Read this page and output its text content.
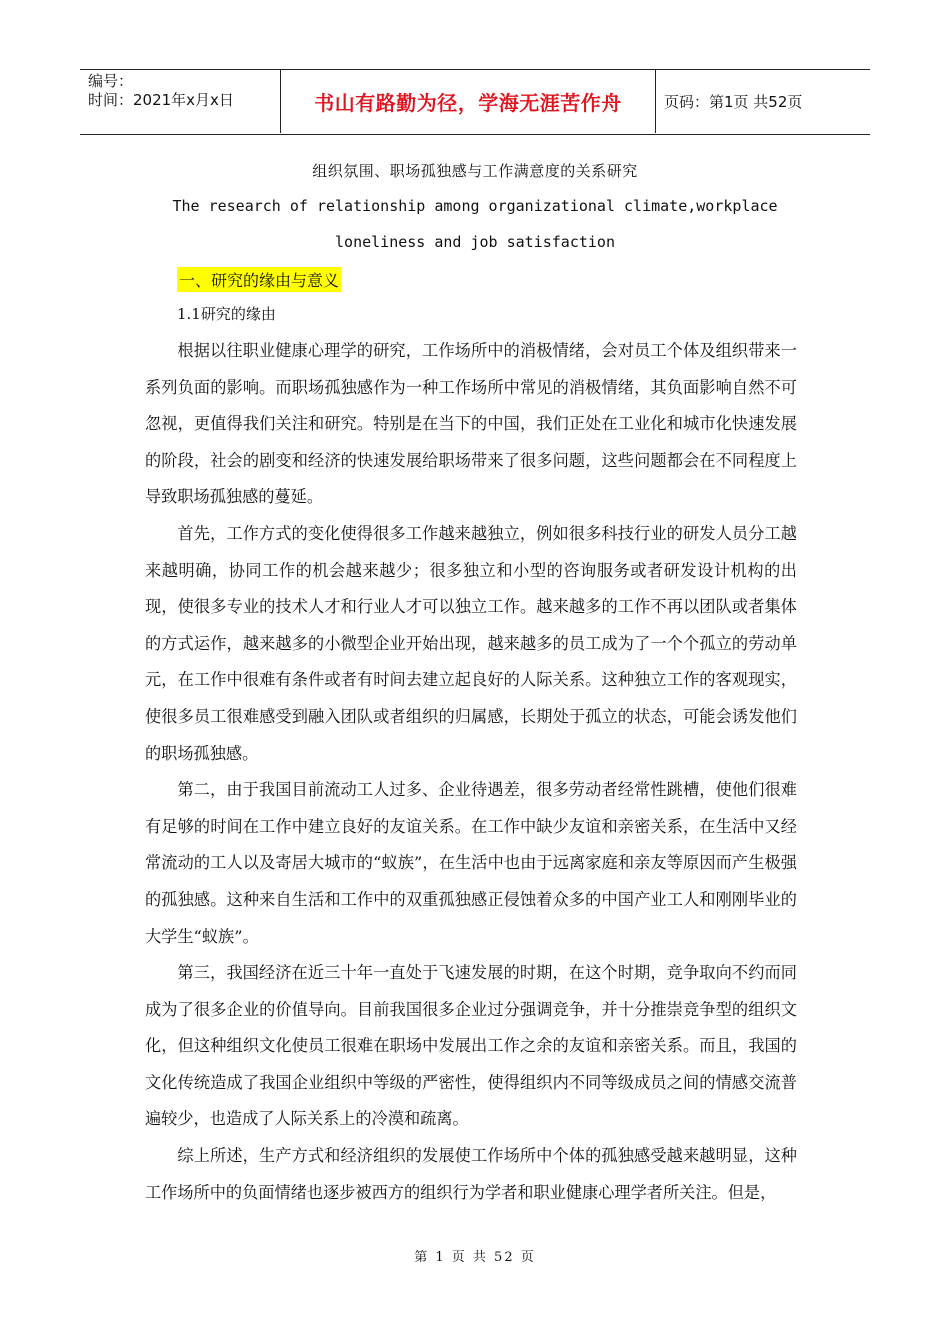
编号：
时间：2021年x月x日	书山有路勤为径，学海无涯苦作舟	页码：第1页 共52页
组织氛围、职场孤独感与工作满意度的关系研究
The research of relationship among organizational climate,workplace
loneliness and job satisfaction
一、研究的缘由与意义
1.1研究的缘由

根据以往职业健康心理学的研究，工作场所中的消极情绪，会对员工个体及组织带来一系列负面的影响。而职场孤独感作为一种工作场所中常见的消极情绪，其负面影响自然不可忽视，更值得我们关注和研究。特别是在当下的中国，我们正处在工业化和城市化快速发展的阶段，社会的剧变和经济的快速发展给职场带来了很多问题，这些问题都会在不同程度上导致职场孤独感的蔓延。

首先，工作方式的变化使得很多工作越来越独立，例如很多科技行业的研发人员分工越来越明确，协同工作的机会越来越少；很多独立和小型的咨询服务或者研发设计机构的出现，使很多专业的技术人才和行业人才可以独立工作。越来越多的工作不再以团队或者集体的方式运作，越来越多的小微型企业开始出现，越来越多的员工成为了一个个孤立的劳动单元，在工作中很难有条件或者有时间去建立起良好的人际关系。这种独立工作的客观现实，使很多员工很难感受到融入团队或者组织的归属感，长期处于孤立的状态，可能会诱发他们的职场孤独感。

第二，由于我国目前流动工人过多、企业待遇差，很多劳动者经常性跳槽，使他们很难有足够的时间在工作中建立良好的友谊关系。在工作中缺少友谊和亲密关系，在生活中又经常流动的工人以及寄居大城市的“蚁族”，在生活中也由于远离家庭和亲友等原因而产生极强的孤独感。这种来自生活和工作中的双重孤独感正侵蚀着众多的中国产业工人和刚刚毕业的大学生“蚁族”。

第三，我国经济在近三十年一直处于飞速发展的时期，在这个时期，竞争取向不约而同成为了很多企业的价值导向。目前我国很多企业过分强调竞争，并十分推崇竞争型的组织文化，但这种组织文化使员工很难在职场中发展出工作之余的友谊和亲密关系。而且，我国的文化传统造成了我国企业组织中等级的严密性，使得组织内不同等级成员之间的情感交流普遍较少，也造成了人际关系上的冷漠和疏离。

综上所述，生产方式和经济组织的发展使工作场所中个体的孤独感受越来越明显，这种工作场所中的负面情绪也逐步被西方的组织行为学者和职业健康心理学者所关注。但是，

第 1 页 共 52 页
